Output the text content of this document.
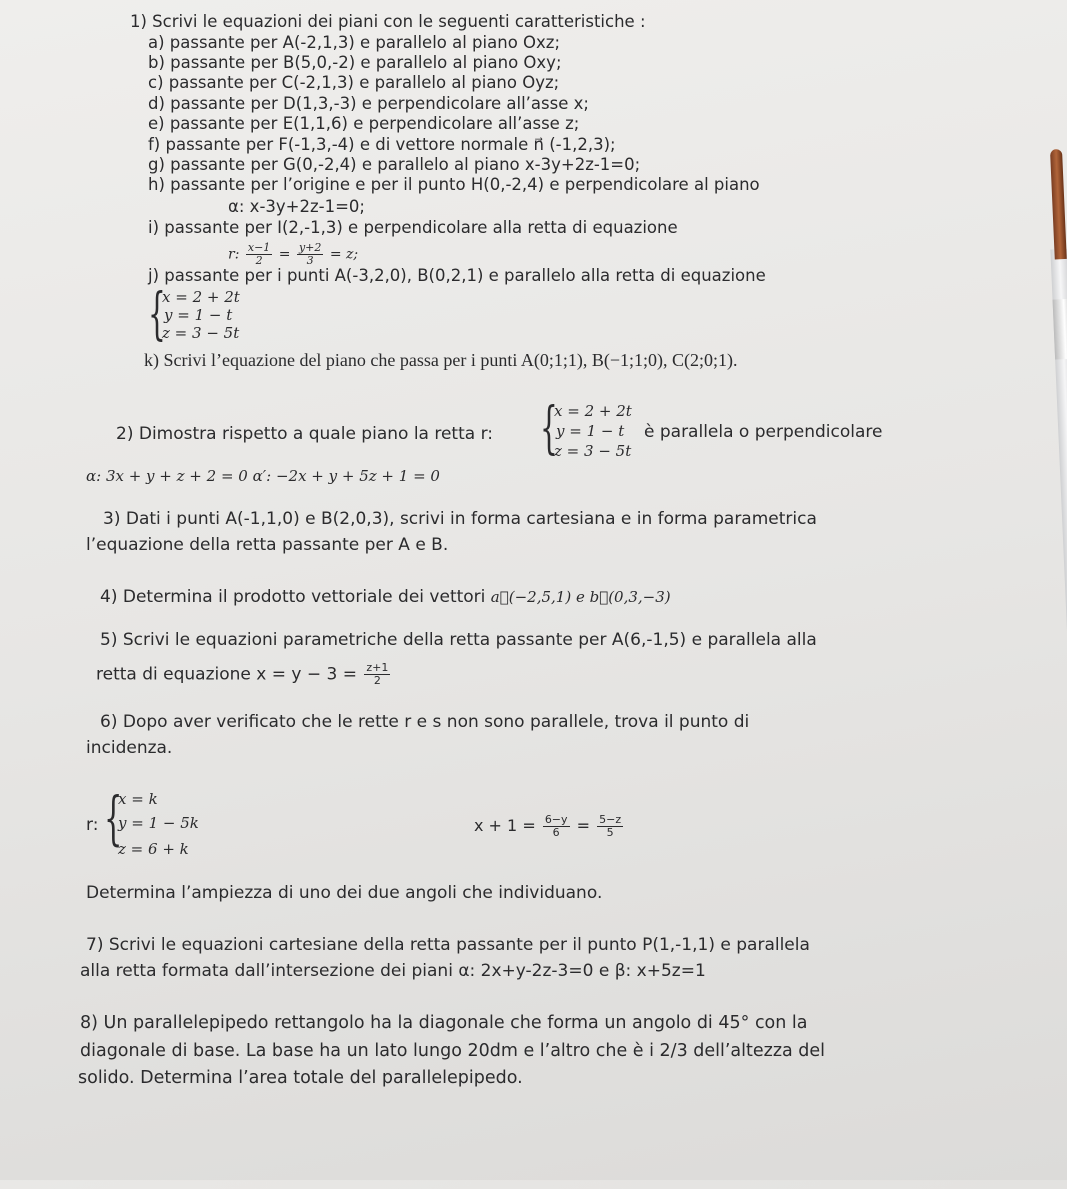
1) Scrivi le equazioni dei piani con le seguenti caratteristiche :
a) passante per A(-2,1,3) e parallelo al piano Oxz;
b) passante per B(5,0,-2) e parallelo al piano Oxy;
c) passante per C(-2,1,3) e parallelo al piano Oyz;
d) passante per D(1,3,-3) e perpendicolare all’asse x;
e) passante per E(1,1,6) e perpendicolare all’asse z;
f) passante per F(-1,3,-4) e di vettore normale n⃗ (-1,2,3);
g) passante per G(0,-2,4) e parallelo al piano x-3y+2z-1=0;
h) passante per l’origine e per il punto H(0,-2,4) e perpendicolare al piano
α: x-3y+2z-1=0;
i) passante per I(2,-1,3) e perpendicolare alla retta di equazione
r: $\frac{x-1}{2} = \frac{y+2}{3} = z$;
j) passante per i punti A(-3,2,0), B(0,2,1) e parallelo alla retta di equazione
{
x = 2 + 2t
y = 1 − t
z = 3 − 5t
k) Scrivi l’equazione del piano che passa per i punti A(0;1;1), B(−1;1;0), C(2;0;1).
2) Dimostra rispetto a quale piano la retta r: {
x = 2 + 2t
y = 1 − t
z = 3 − 5t
è parallela o perpendicolare
α: 3x + y + z + 2 = 0 α′: −2x + y + 5z + 1 = 0
3) Dati i punti A(-1,1,0) e B(2,0,3), scrivi in forma cartesiana e in forma parametrica
l’equazione della retta passante per A e B.
4) Determina il prodotto vettoriale dei vettori a⃗(−2,5,1) e b⃗(0,3,−3)
5) Scrivi le equazioni parametriche della retta passante per A(6,-1,5) e parallela alla
retta di equazione $x = y - 3 = \frac{z+1}{2}$
6) Dopo aver verificato che le rette r e s non sono parallele, trova il punto di
incidenza.
r: {
x = k
y = 1 − 5k
z = 6 + k
$x + 1 = \frac{6-y}{6} = \frac{5-z}{5}$
Determina l’ampiezza di uno dei due angoli che individuano.
7) Scrivi le equazioni cartesiane della retta passante per il punto P(1,-1,1) e parallela
alla retta formata dall’intersezione dei piani α: 2x+y-2z-3=0 e β: x+5z=1
8) Un parallelepipedo rettangolo ha la diagonale che forma un angolo di 45° con la
diagonale di base. La base ha un lato lungo 20dm e l’altro che è i 2/3 dell’altezza del
solido. Determina l’area totale del parallelepipedo.
